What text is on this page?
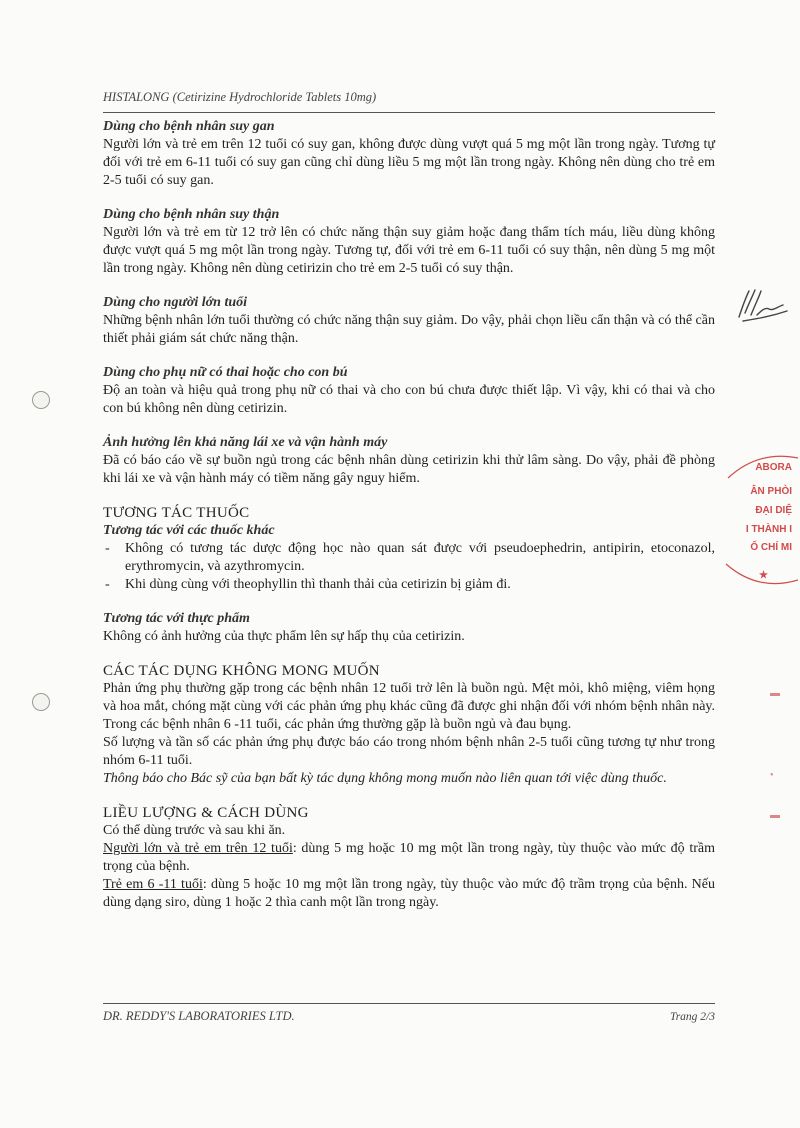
HISTALONG (Cetirizine Hydrochloride Tablets 10mg)

Dùng cho bệnh nhân suy gan

Người lớn và trẻ em trên 12 tuổi có suy gan, không được dùng vượt quá 5 mg một lần trong ngày. Tương tự đối với trẻ em 6-11 tuổi có suy gan cũng chỉ dùng liều 5 mg một lần trong ngày. Không nên dùng cho trẻ em 2-5 tuổi có suy gan.

Dùng cho bệnh nhân suy thận

Người lớn và trẻ em từ 12 trở lên có chức năng thận suy giảm hoặc đang thẩm tích máu, liều dùng không được vượt quá 5 mg một lần trong ngày. Tương tự, đối với trẻ em 6-11 tuổi có suy thận, nên dùng 5 mg một lần trong ngày. Không nên dùng cetirizin cho trẻ em 2-5 tuổi có suy thận.

Dùng cho người lớn tuổi

Những bệnh nhân lớn tuổi thường có chức năng thận suy giảm. Do vậy, phải chọn liều cẩn thận và có thể cần thiết phải giám sát chức năng thận.

Dùng cho phụ nữ có thai hoặc cho con bú

Độ an toàn và hiệu quả trong phụ nữ có thai và cho con bú chưa được thiết lập. Vì vậy, khi có thai và cho con bú không nên dùng cetirizin.

Ảnh hưởng lên khả năng lái xe và vận hành máy

Đã có báo cáo về sự buồn ngủ trong các bệnh nhân dùng cetirizin khi thử lâm sàng. Do vậy, phải đề phòng khi lái xe và vận hành máy có tiềm năng gây nguy hiểm.

TƯƠNG TÁC THUỐC

Tương tác với các thuốc khác

- Không có tương tác dược động học nào quan sát được với pseudoephedrin, antipirin, etoconazol, erythromycin, và azythromycin.
- Khi dùng cùng với theophyllin thì thanh thải của cetirizin bị giảm đi.

Tương tác với thực phẩm

Không có ảnh hưởng của thực phẩm lên sự hấp thụ của cetirizin.

CÁC TÁC DỤNG KHÔNG MONG MUỐN

Phản ứng phụ thường gặp trong các bệnh nhân 12 tuổi trở lên là buồn ngủ. Mệt mỏi, khô miệng, viêm họng và hoa mắt, chóng mặt cùng với các phản ứng phụ khác cũng đã được ghi nhận đối với nhóm bệnh nhân này. Trong các bệnh nhân 6 -11 tuổi, các phản ứng thường gặp là buồn ngủ và đau bụng.

Số lượng và tần số các phản ứng phụ được báo cáo trong nhóm bệnh nhân 2-5 tuổi cũng tương tự như trong nhóm 6-11 tuổi.

Thông báo cho Bác sỹ của bạn bất kỳ tác dụng không mong muốn nào liên quan tới việc dùng thuốc.

LIỀU LƯỢNG & CÁCH DÙNG

Có thể dùng trước và sau khi ăn.

Người lớn và trẻ em trên 12 tuổi: dùng 5 mg hoặc 10 mg một lần trong ngày, tùy thuộc vào mức độ trầm trọng của bệnh.

Trẻ em 6 -11 tuổi: dùng 5 hoặc 10 mg một lần trong ngày, tùy thuộc vào mức độ trầm trọng của bệnh. Nếu dùng dạng siro, dùng 1 hoặc 2 thìa canh một lần trong ngày.

DR. REDDY'S LABORATORIES LTD.	Trang 2/3
ABORA
ÂN PHÒI
ĐẠI DIỆ
I THÀNH I
Ố CHÍ MI
★
▬
•
▬
